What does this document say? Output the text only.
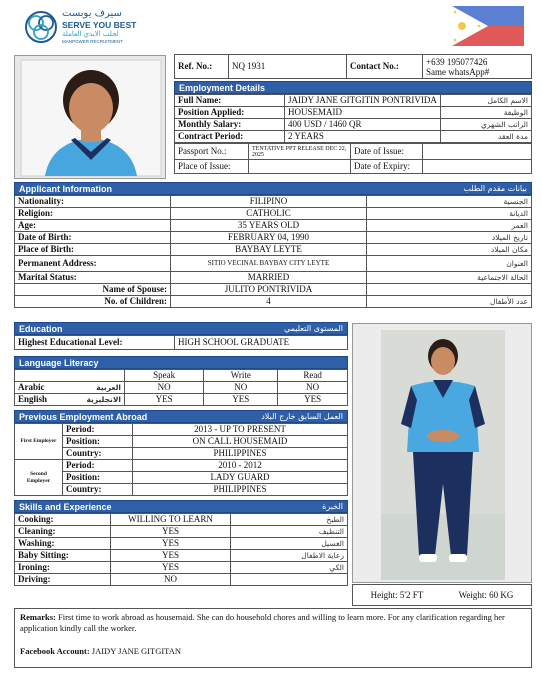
سيرف يوبست
SERVE YOU BEST
لجلب الايدي العاملة
MANPOWER RECRUITMENT
Ref. No.:	NQ 1931	Contact No.:	+639 195077426
Same whatsApp#
Employment Details
Full Name:	JAIDY JANE GITGITIN PONTRIVIDA	الاسم الكامل
Position Applied:	HOUSEMAID	الوظيفة
Monthly Salary:	400 USD / 1460 QR	الراتب الشهري
Contract Period:	2 YEARS	مدة العقد
Passport No.:	TENTATIVE PPT RELEASE DEC 22, 2025	Date of Issue:	
Place of Issue:		Date of Expiry:	
Applicant Information	بيانات مقدم الطلب
Nationality:	FILIPINO	الجنسية
Religion:	CATHOLIC	الديانة
Age:	35 YEARS OLD	العمر
Date of Birth:	FEBRUARY 04, 1990	تاريخ الميلاد
Place of Birth:	BAYBAY LEYTE	مكان الميلاد
Permanent Address:	SITIO VECINAL BAYBAY CITY LEYTE	العنوان
Marital Status:	MARRIED	الحالة الاجتماعية
Name of Spouse:	JULITO PONTRIVIDA	
No. of Children:	4	عدد الأطفال
Education	المستوى التعليمي
Highest Educational Level:	HIGH SCHOOL GRADUATE
Language Literacy
	Speak	Write	Read
Arabic العربية	NO	NO	NO
English الانجليزية	YES	YES	YES
Previous Employment Abroad	العمل السابق خارج البلاد
First Employer	Period:	2013 - UP TO PRESENT
	Position:	ON CALL HOUSEMAID
	Country:	PHILIPPINES
Second Employer	Period:	2010 - 2012
	Position:	LADY GUARD
	Country:	PHILIPPINES
Skills and Experience	الخبرة
Cooking:	WILLING TO LEARN	الطبخ
Cleaning:	YES	التنظيف
Washing:	YES	الغسيل
Baby Sitting:	YES	رعاية الاطفال
Ironing:	YES	الكي
Driving:	NO	
Height: 5'2 FT	Weight: 60 KG
Remarks: First time to work abroad as housemaid. She can do household chores and willing to learn more. For any clarification regarding her application kindly call the worker.
Facebook Account: JAIDY JANE GITGITAN
